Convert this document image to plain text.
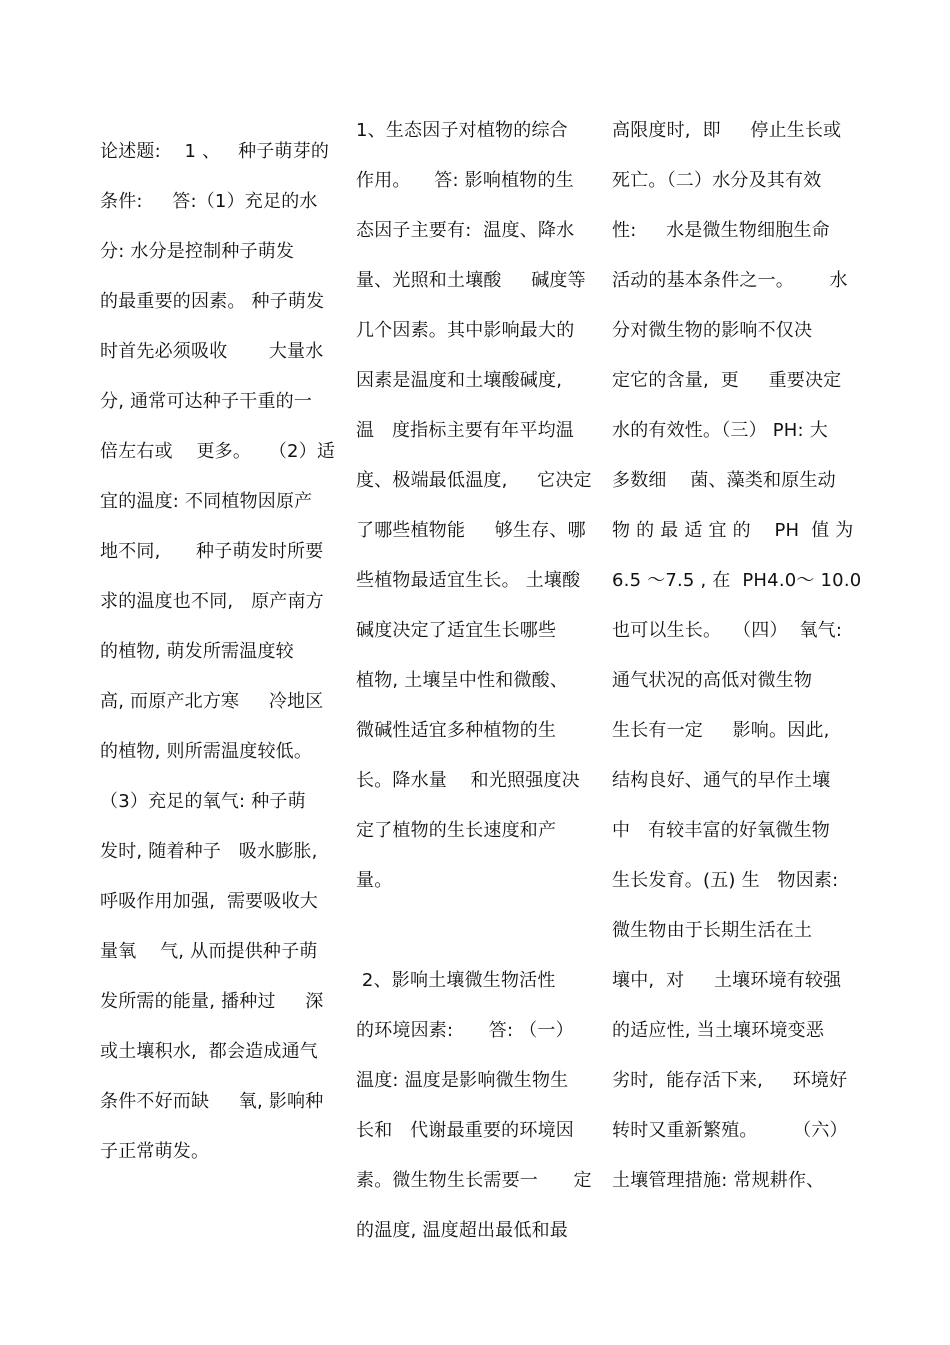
论述题:    1 、   种子萌芽的
条件:     答:（1）充足的水
分: 水分是控制种子萌发
的最重要的因素。 种子萌发
时首先必须吸收       大量水
分, 通常可达种子干重的一
倍左右或    更多。   （2）适
宜的温度: 不同植物因原产
地不同,      种子萌发时所要
求的温度也不同,   原产南方
的植物, 萌发所需温度较
高, 而原产北方寒     冷地区
的植物, 则所需温度较低。
（3）充足的氧气: 种子萌
发时, 随着种子   吸水膨胀,
呼吸作用加强,  需要吸收大
量氧    气, 从而提供种子萌
发所需的能量, 播种过     深
或土壤积水,  都会造成通气
条件不好而缺     氧, 影响种
子正常萌发。
1、生态因子对植物的综合
作用。    答: 影响植物的生
态因子主要有:  温度、降水
量、光照和土壤酸     碱度等
几个因素。其中影响最大的
因素是温度和土壤酸碱度,
温   度指标主要有年平均温
度、极端最低温度,     它决定
了哪些植物能     够生存、哪
些植物最适宜生长。 土壤酸
碱度决定了适宜生长哪些
植物, 土壤呈中性和微酸、
微碱性适宜多种植物的生
长。降水量    和光照强度决
定了植物的生长速度和产
量。
2、影响土壤微生物活性
的环境因素:      答: （一）
温度: 温度是影响微生物生
长和   代谢最重要的环境因
素。微生物生长需要一      定
的温度, 温度超出最低和最
高限度时,  即     停止生长或
死亡。（二）水分及其有效
性:     水是微生物细胞生命
活动的基本条件之一。      水
分对微生物的影响不仅决
定它的含量,  更     重要决定
水的有效性。（三） PH: 大
多数细    菌、藻类和原生动
物 的 最 适 宜 的    PH  值 为
6.5 ～7.5 , 在  PH4.0～ 10.0
也可以生长。  （四）  氧气:
通气状况的高低对微生物
生长有一定     影响。因此,
结构良好、通气的早作土壤
中   有较丰富的好氧微生物
生长发育。(五) 生   物因素:
微生物由于长期生活在土
壤中,  对     土壤环境有较强
的适应性, 当土壤环境变恶
劣时,  能存活下来,     环境好
转时又重新繁殖。      （六）
土壤管理措施: 常规耕作、
